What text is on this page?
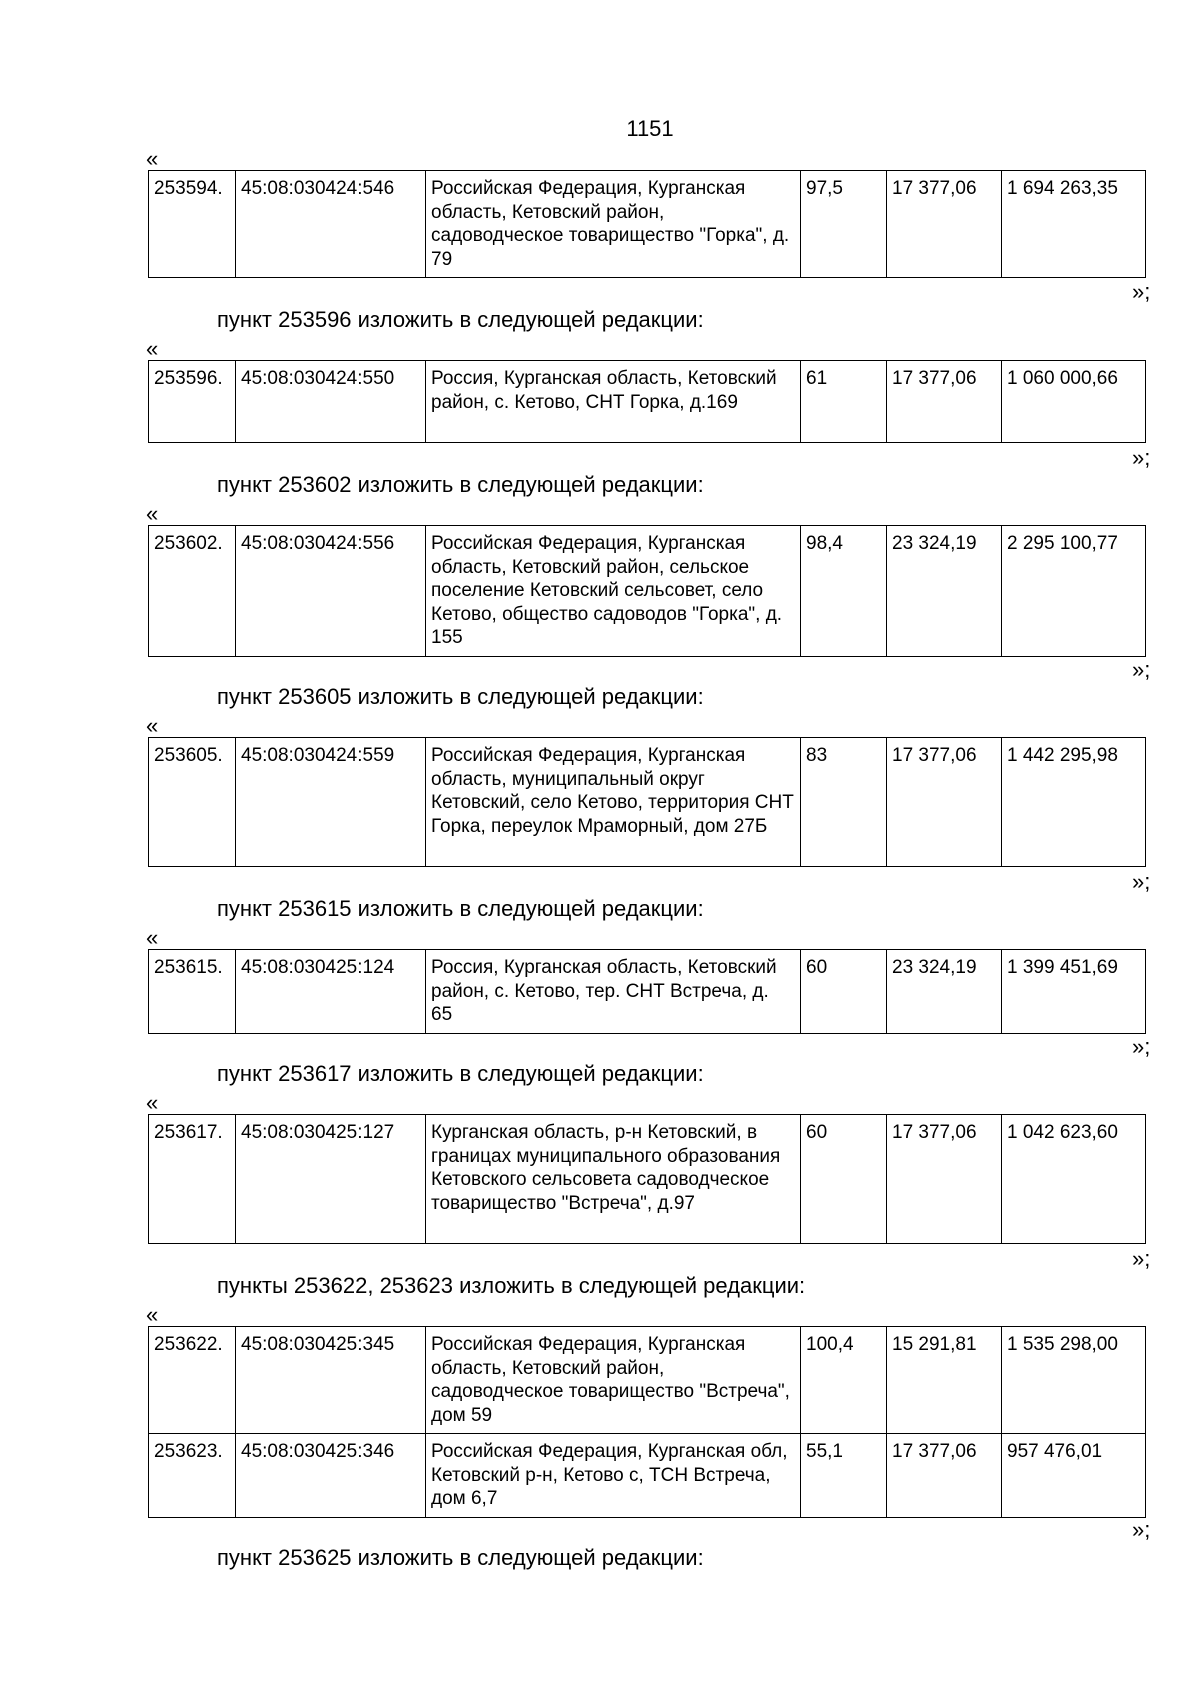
1151
«
253594.	45:08:030424:546	Российская Федерация, Курганская область, Кетовский район, садоводческое товарищество "Горка", д. 79	97,5	17 377,06	1 694 263,35
»;
пункт 253596 изложить в следующей редакции:
«
253596.	45:08:030424:550	Россия, Курганская область, Кетовский район, с. Кетово, СНТ Горка, д.169	61	17 377,06	1 060 000,66
»;
пункт 253602 изложить в следующей редакции:
«
253602.	45:08:030424:556	Российская Федерация, Курганская область, Кетовский район, сельское поселение Кетовский сельсовет, село Кетово, общество садоводов "Горка", д. 155	98,4	23 324,19	2 295 100,77
»;
пункт 253605 изложить в следующей редакции:
«
253605.	45:08:030424:559	Российская Федерация, Курганская область, муниципальный округ Кетовский, село Кетово, территория СНТ Горка, переулок Мраморный, дом 27Б	83	17 377,06	1 442 295,98
»;
пункт 253615 изложить в следующей редакции:
«
253615.	45:08:030425:124	Россия, Курганская область, Кетовский район, с. Кетово, тер. СНТ Встреча, д. 65	60	23 324,19	1 399 451,69
»;
пункт 253617 изложить в следующей редакции:
«
253617.	45:08:030425:127	Курганская область, р-н Кетовский, в границах муниципального образования Кетовского сельсовета садоводческое товарищество "Встреча", д.97	60	17 377,06	1 042 623,60
»;
пункты 253622, 253623 изложить в следующей редакции:
«
253622.	45:08:030425:345	Российская Федерация, Курганская область, Кетовский район, садоводческое товарищество "Встреча", дом 59	100,4	15 291,81	1 535 298,00
253623.	45:08:030425:346	Российская Федерация, Курганская обл, Кетовский р-н, Кетово с, ТСН Встреча, дом 6,7	55,1	17 377,06	957 476,01
»;
пункт 253625 изложить в следующей редакции:
